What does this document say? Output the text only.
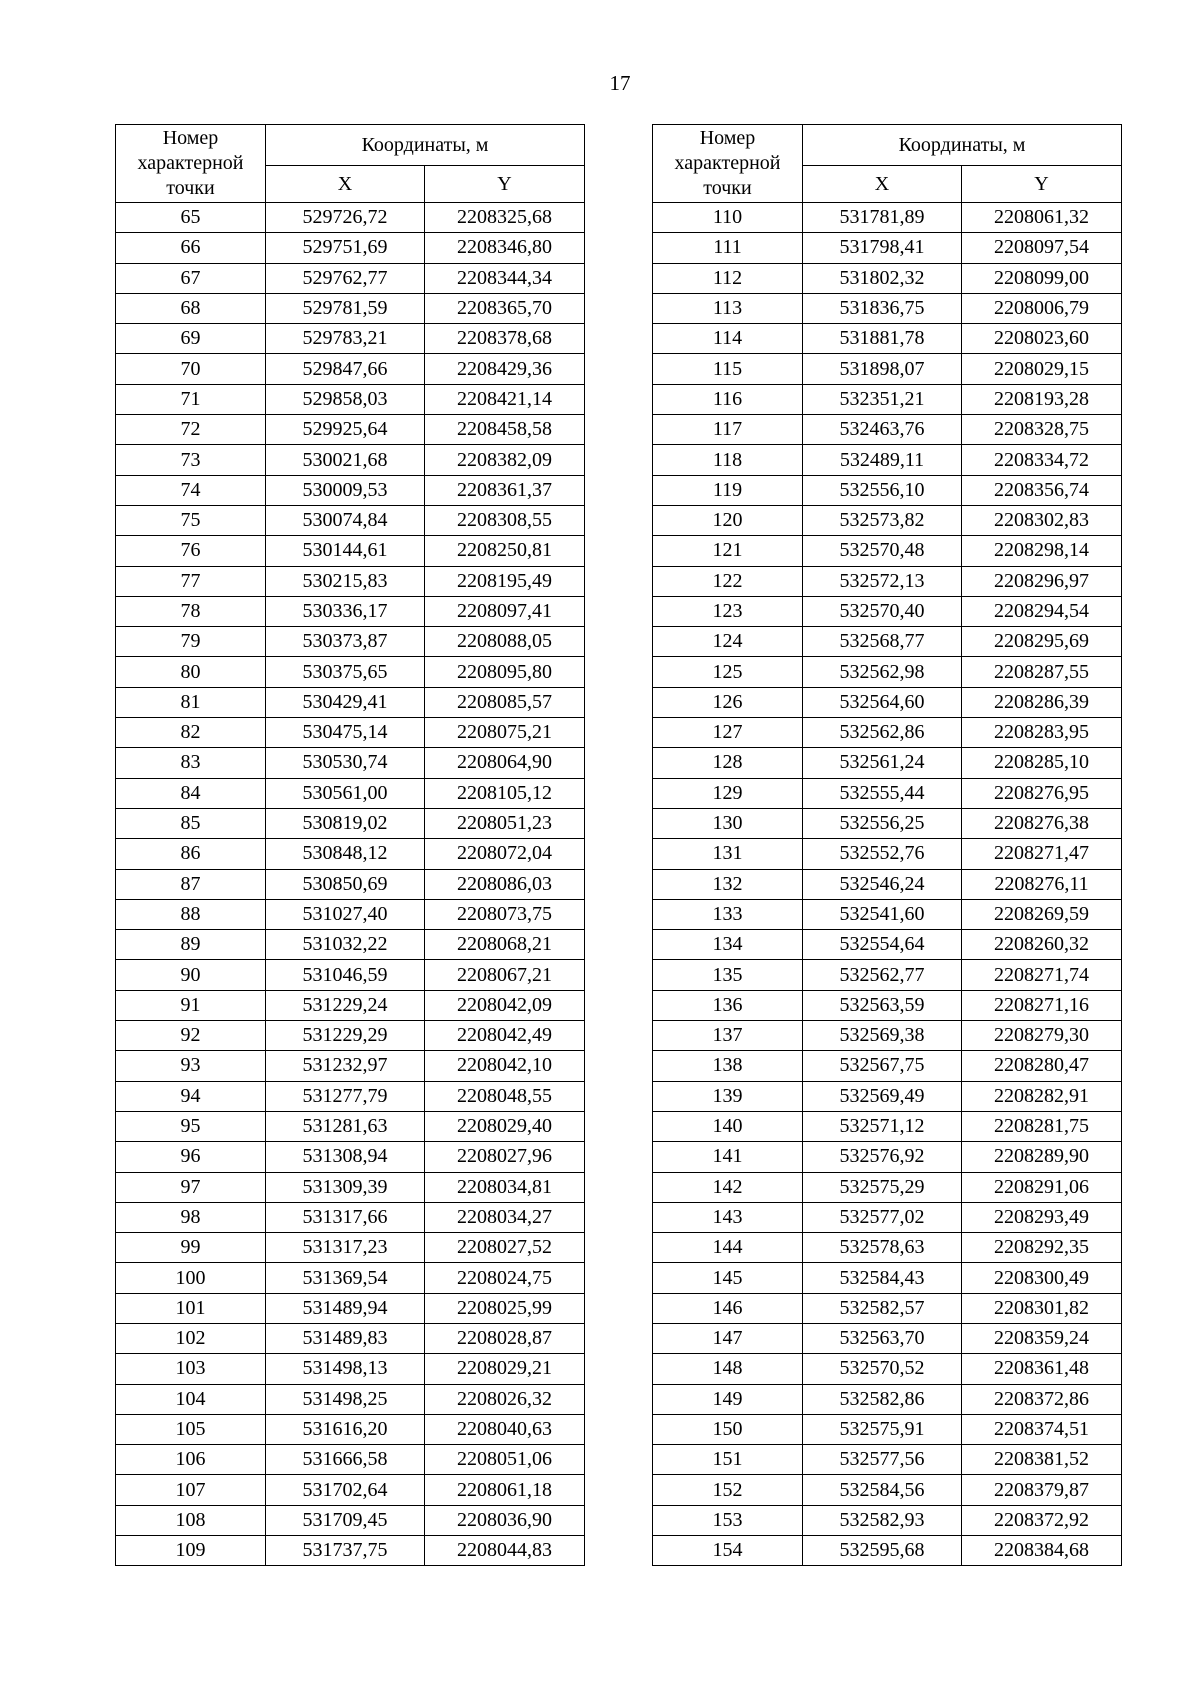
17
Номер
характерной
точки	Координаты, м	
	X	Y
65	529726,72	2208325,68
66	529751,69	2208346,80
67	529762,77	2208344,34
68	529781,59	2208365,70
69	529783,21	2208378,68
70	529847,66	2208429,36
71	529858,03	2208421,14
72	529925,64	2208458,58
73	530021,68	2208382,09
74	530009,53	2208361,37
75	530074,84	2208308,55
76	530144,61	2208250,81
77	530215,83	2208195,49
78	530336,17	2208097,41
79	530373,87	2208088,05
80	530375,65	2208095,80
81	530429,41	2208085,57
82	530475,14	2208075,21
83	530530,74	2208064,90
84	530561,00	2208105,12
85	530819,02	2208051,23
86	530848,12	2208072,04
87	530850,69	2208086,03
88	531027,40	2208073,75
89	531032,22	2208068,21
90	531046,59	2208067,21
91	531229,24	2208042,09
92	531229,29	2208042,49
93	531232,97	2208042,10
94	531277,79	2208048,55
95	531281,63	2208029,40
96	531308,94	2208027,96
97	531309,39	2208034,81
98	531317,66	2208034,27
99	531317,23	2208027,52
100	531369,54	2208024,75
101	531489,94	2208025,99
102	531489,83	2208028,87
103	531498,13	2208029,21
104	531498,25	2208026,32
105	531616,20	2208040,63
106	531666,58	2208051,06
107	531702,64	2208061,18
108	531709,45	2208036,90
109	531737,75	2208044,83
Номер
характерной
точки	Координаты, м	
	X	Y
110	531781,89	2208061,32
111	531798,41	2208097,54
112	531802,32	2208099,00
113	531836,75	2208006,79
114	531881,78	2208023,60
115	531898,07	2208029,15
116	532351,21	2208193,28
117	532463,76	2208328,75
118	532489,11	2208334,72
119	532556,10	2208356,74
120	532573,82	2208302,83
121	532570,48	2208298,14
122	532572,13	2208296,97
123	532570,40	2208294,54
124	532568,77	2208295,69
125	532562,98	2208287,55
126	532564,60	2208286,39
127	532562,86	2208283,95
128	532561,24	2208285,10
129	532555,44	2208276,95
130	532556,25	2208276,38
131	532552,76	2208271,47
132	532546,24	2208276,11
133	532541,60	2208269,59
134	532554,64	2208260,32
135	532562,77	2208271,74
136	532563,59	2208271,16
137	532569,38	2208279,30
138	532567,75	2208280,47
139	532569,49	2208282,91
140	532571,12	2208281,75
141	532576,92	2208289,90
142	532575,29	2208291,06
143	532577,02	2208293,49
144	532578,63	2208292,35
145	532584,43	2208300,49
146	532582,57	2208301,82
147	532563,70	2208359,24
148	532570,52	2208361,48
149	532582,86	2208372,86
150	532575,91	2208374,51
151	532577,56	2208381,52
152	532584,56	2208379,87
153	532582,93	2208372,92
154	532595,68	2208384,68
